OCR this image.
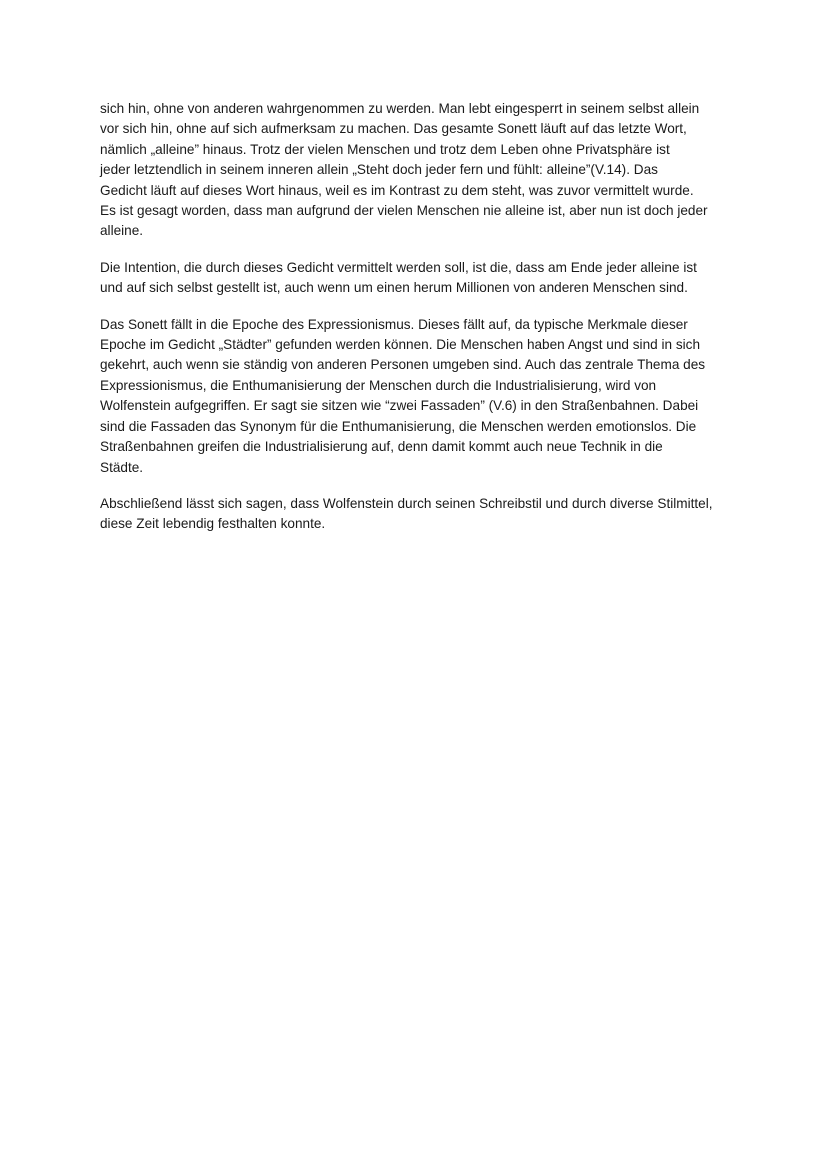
sich hin, ohne von anderen wahrgenommen zu werden. Man lebt eingesperrt in seinem selbst allein
vor sich hin, ohne auf sich aufmerksam zu machen. Das gesamte Sonett läuft auf das letzte Wort,
nämlich „alleine” hinaus. Trotz der vielen Menschen und trotz dem Leben ohne Privatsphäre ist
jeder letztendlich in seinem inneren allein „Steht doch jeder fern und fühlt: alleine”(V.14). Das
Gedicht läuft auf dieses Wort hinaus, weil es im Kontrast zu dem steht, was zuvor vermittelt wurde.
Es ist gesagt worden, dass man aufgrund der vielen Menschen nie alleine ist, aber nun ist doch jeder
alleine.

Die Intention, die durch dieses Gedicht vermittelt werden soll, ist die, dass am Ende jeder alleine ist
und auf sich selbst gestellt ist, auch wenn um einen herum Millionen von anderen Menschen sind.

Das Sonett fällt in die Epoche des Expressionismus. Dieses fällt auf, da typische Merkmale dieser
Epoche im Gedicht „Städter” gefunden werden können. Die Menschen haben Angst und sind in sich
gekehrt, auch wenn sie ständig von anderen Personen umgeben sind. Auch das zentrale Thema des
Expressionismus, die Enthumanisierung der Menschen durch die Industrialisierung, wird von
Wolfenstein aufgegriffen. Er sagt sie sitzen wie “zwei Fassaden” (V.6) in den Straßenbahnen. Dabei
sind die Fassaden das Synonym für die Enthumanisierung, die Menschen werden emotionslos. Die
Straßenbahnen greifen die Industrialisierung auf, denn damit kommt auch neue Technik in die
Städte.

Abschließend lässt sich sagen, dass Wolfenstein durch seinen Schreibstil und durch diverse Stilmittel,
diese Zeit lebendig festhalten konnte.
